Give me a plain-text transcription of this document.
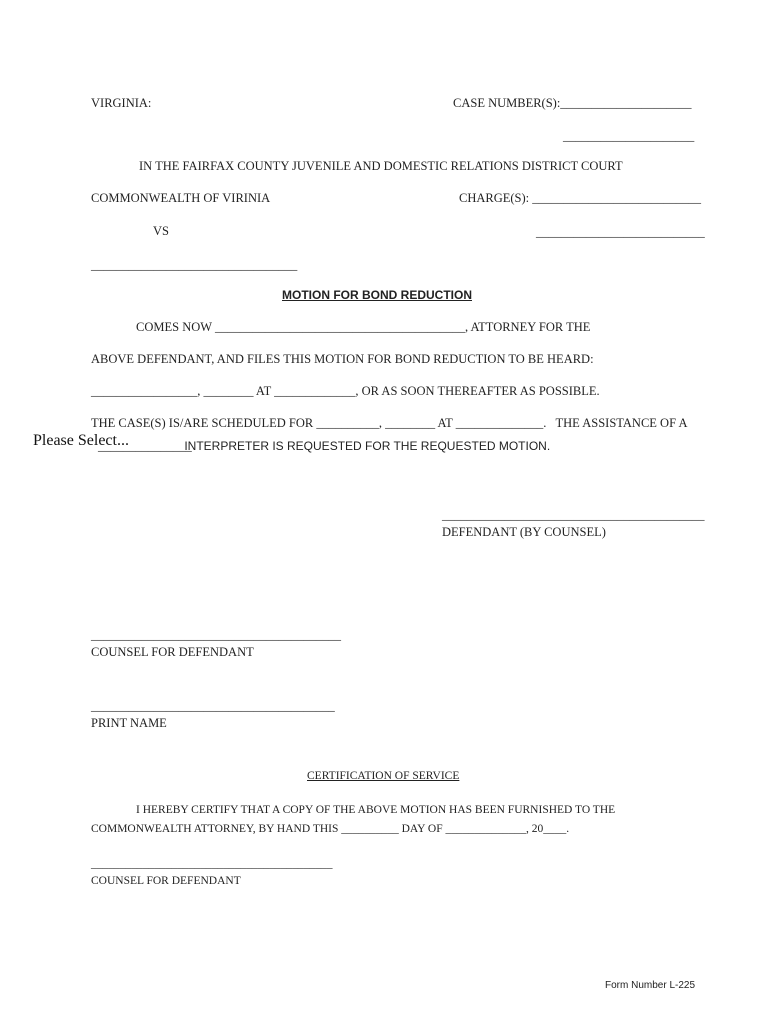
VIRGINIA:	CASE NUMBER(S):_____________________
_____________________
IN THE FAIRFAX COUNTY JUVENILE AND DOMESTIC RELATIONS DISTRICT COURT
COMMONWEALTH OF VIRINIA	CHARGE(S): ___________________________
___________________________
VS
_________________________________
MOTION FOR BOND REDUCTION
COMES NOW ________________________________________, ATTORNEY FOR THE
ABOVE DEFENDANT, AND FILES THIS MOTION FOR BOND REDUCTION TO BE HEARD:
_________________, ________ AT _____________, OR AS SOON THEREAFTER AS POSSIBLE.
THE CASE(S) IS/ARE SCHEDULED FOR __________, ________ AT ______________.   THE ASSISTANCE OF A
Please Select...
_______________
INTERPRETER IS REQUESTED FOR THE REQUESTED MOTION.
__________________________________________
DEFENDANT (BY COUNSEL)
________________________________________
COUNSEL FOR DEFENDANT
_______________________________________
PRINT NAME
CERTIFICATION OF SERVICE
I HEREBY CERTIFY THAT A COPY OF THE ABOVE MOTION HAS BEEN FURNISHED TO THE
COMMONWEALTH ATTORNEY, BY HAND THIS __________ DAY OF ______________, 20____.
__________________________________________
COUNSEL FOR DEFENDANT
Form Number L-225
